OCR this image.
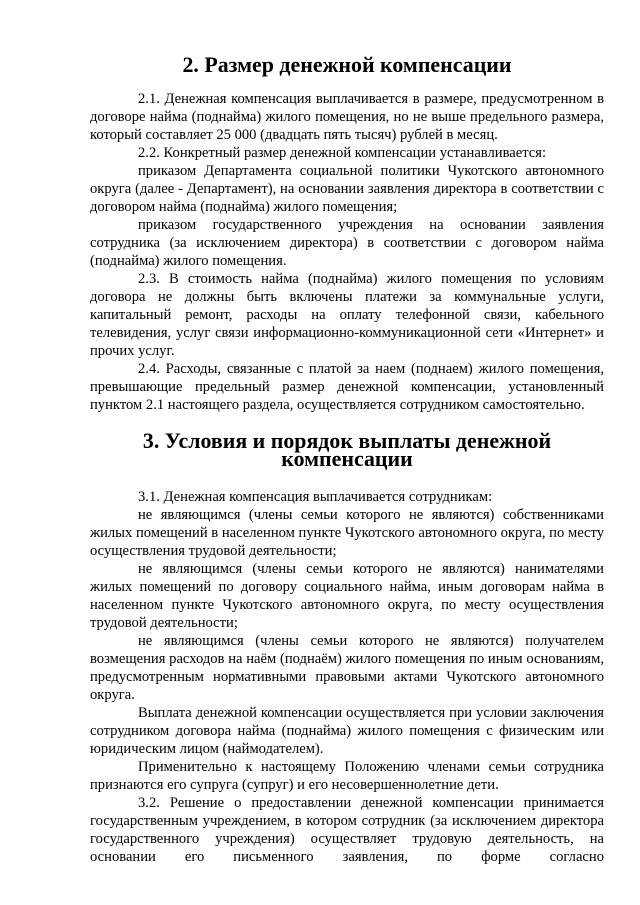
2. Размер денежной компенсации

2.1. Денежная компенсация выплачивается в размере, предусмотренном в договоре найма (поднайма) жилого помещения, но не выше предельного размера, который составляет 25 000 (двадцать пять тысяч) рублей в месяц.

2.2. Конкретный размер денежной компенсации устанавливается:

приказом Департамента социальной политики Чукотского автономного округа (далее - Департамент), на основании заявления директора в соответствии с договором найма (поднайма) жилого помещения;

приказом государственного учреждения на основании заявления сотрудника (за исключением директора) в соответствии с договором найма (поднайма) жилого помещения.

2.3. В стоимость найма (поднайма) жилого помещения по условиям договора не должны быть включены платежи за коммунальные услуги, капитальный ремонт, расходы на оплату телефонной связи, кабельного телевидения, услуг связи информационно-коммуникационной сети «Интернет» и прочих услуг.

2.4. Расходы, связанные с платой за наем (поднаем) жилого помещения, превышающие предельный размер денежной компенсации, установленный пунктом 2.1 настоящего раздела, осуществляется сотрудником самостоятельно.

3. Условия и порядок выплаты денежной компенсации

3.1. Денежная компенсация выплачивается сотрудникам:

не являющимся (члены семьи которого не являются) собственниками жилых помещений в населенном пункте Чукотского автономного округа, по месту осуществления трудовой деятельности;

не являющимся (члены семьи которого не являются) нанимателями жилых помещений по договору социального найма, иным договорам найма в населенном пункте Чукотского автономного округа, по месту осуществления трудовой деятельности;

не являющимся (члены семьи которого не являются) получателем возмещения расходов на наём (поднаём) жилого помещения по иным основаниям, предусмотренным нормативными правовыми актами Чукотского автономного округа.

Выплата денежной компенсации осуществляется при условии заключения сотрудником договора найма (поднайма) жилого помещения с физическим или юридическим лицом (наймодателем).

Применительно к настоящему Положению членами семьи сотрудника признаются его супруга (супруг) и его несовершеннолетние дети.

3.2. Решение о предоставлении денежной компенсации принимается государственным учреждением, в котором сотрудник (за исключением директора государственного учреждения) осуществляет трудовую деятельность, на основании его письменного заявления, по форме согласно
